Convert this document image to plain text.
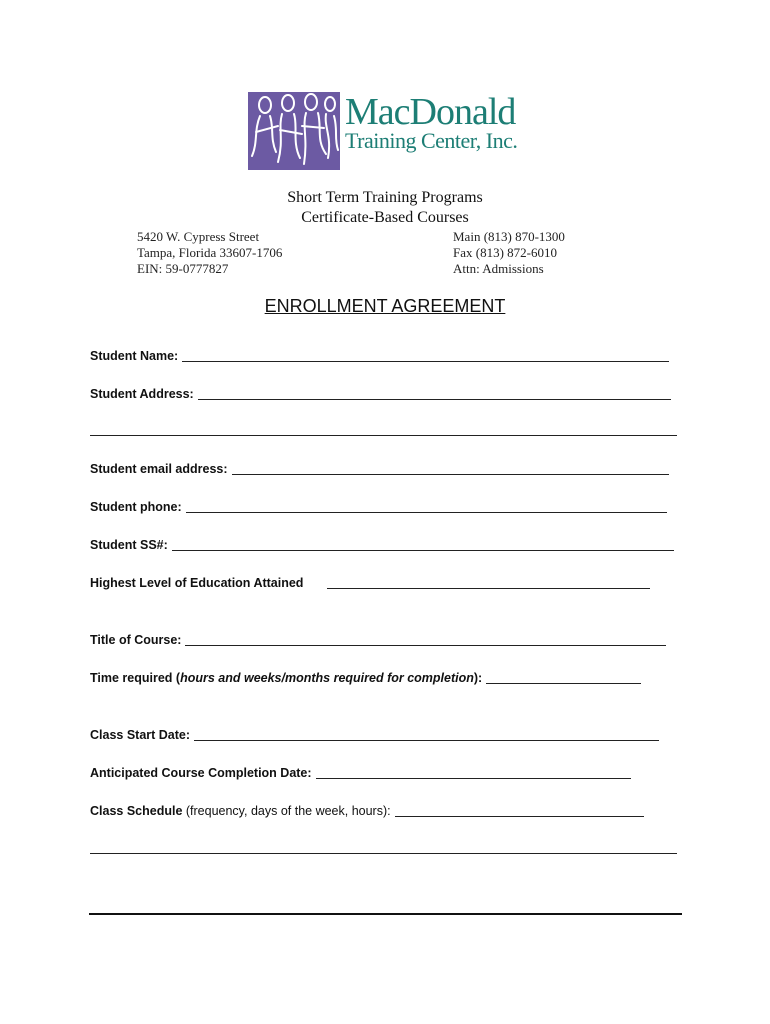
MacDonald
Training Center, Inc.
Short Term Training Programs
Certificate-Based Courses
5420 W. Cypress Street
Tampa, Florida 33607-1706
EIN: 59-0777827
Main (813) 870-1300
Fax (813) 872-6010
Attn: Admissions
ENROLLMENT AGREEMENT
Student Name:
Student Address:
Student email address:
Student phone:
Student SS#:
Highest Level of Education Attained
Title of Course:
Time required (hours and weeks/months required for completion):
Class Start Date:
Anticipated Course Completion Date:
Class Schedule (frequency, days of the week, hours):
